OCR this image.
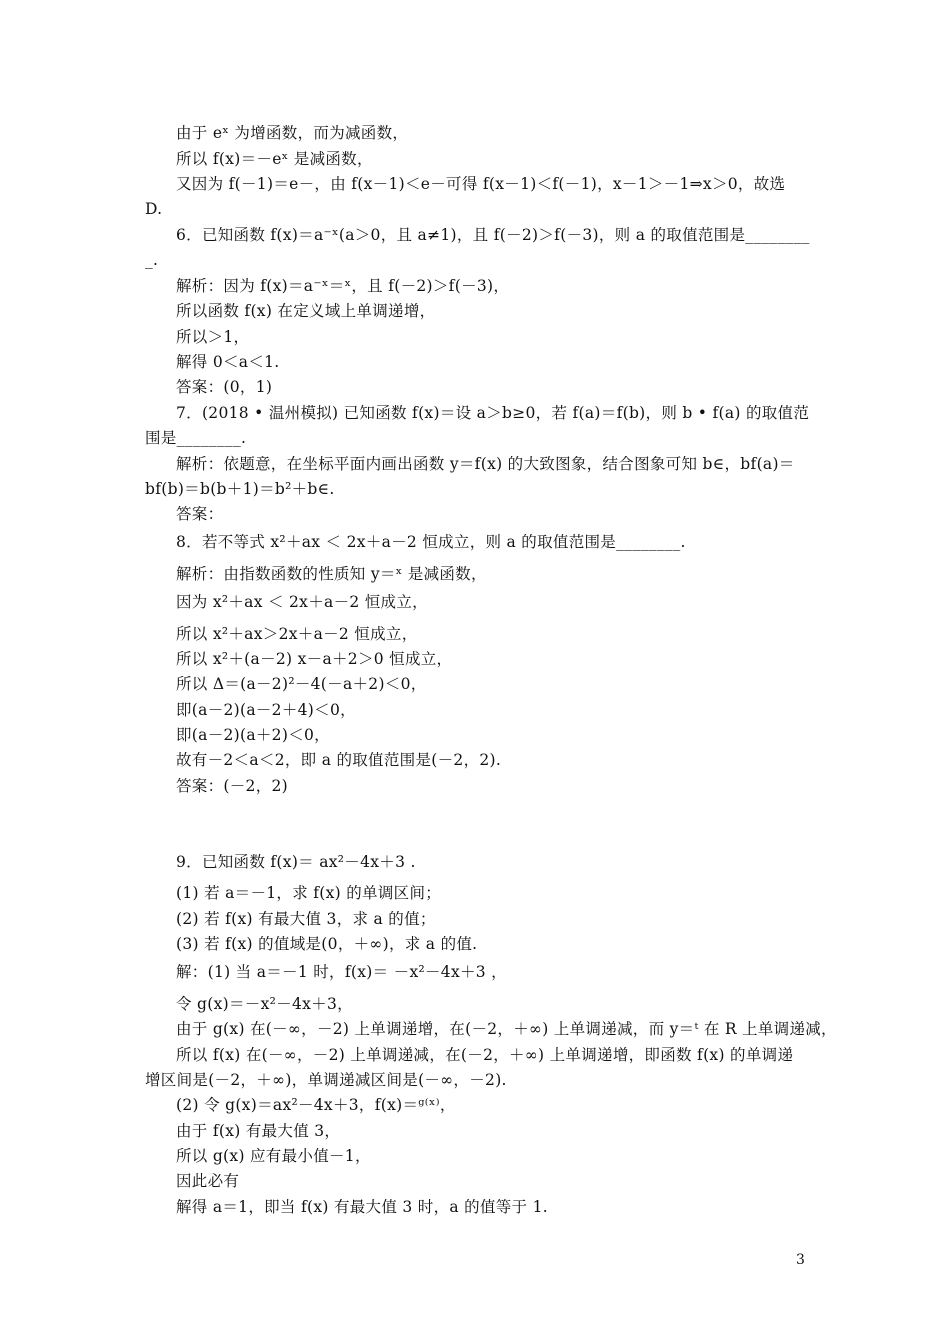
由于 eˣ 为增函数，而为减函数，
所以 f(x)＝－eˣ 是减函数，
又因为 f(－1)＝e－，由 f(x－1)＜e－可得 f(x－1)＜f(－1)，x－1＞－1⇒x＞0，故选
D.
6．已知函数 f(x)＝a⁻ˣ(a＞0，且 a≠1)，且 f(－2)＞f(－3)，则 a 的取值范围是________
_.
解析：因为 f(x)＝a⁻ˣ＝ˣ，且 f(－2)＞f(－3)，
所以函数 f(x) 在定义域上单调递增，
所以＞1，
解得 0＜a＜1.
答案：(0，1)
7．(2018 • 温州模拟) 已知函数 f(x)＝设 a＞b≥0，若 f(a)＝f(b)，则 b • f(a) 的取值范
围是________.
解析：依题意，在坐标平面内画出函数 y＝f(x) 的大致图象，结合图象可知 b∈，bf(a)＝
bf(b)＝b(b＋1)＝b²＋b∈.
答案：
8．若不等式 x²＋ax ＜ 2x＋a－2 恒成立，则 a 的取值范围是________.
解析：由指数函数的性质知 y＝ˣ 是减函数，
因为 x²＋ax ＜ 2x＋a－2 恒成立，
所以 x²＋ax＞2x＋a－2 恒成立，
所以 x²＋(a－2) x－a＋2＞0 恒成立，
所以 Δ＝(a－2)²－4(－a＋2)＜0，
即(a－2)(a－2＋4)＜0，
即(a－2)(a＋2)＜0，
故有－2＜a＜2，即 a 的取值范围是(－2，2).
答案：(－2，2)
9．已知函数 f(x)＝ ax²－4x＋3 .
(1) 若 a＝－1，求 f(x) 的单调区间；
(2) 若 f(x) 有最大值 3，求 a 的值；
(3) 若 f(x) 的值域是(0，＋∞)，求 a 的值.
解：(1) 当 a＝－1 时，f(x)＝ －x²－4x＋3 ，
令 g(x)＝－x²－4x＋3，
由于 g(x) 在(－∞，－2) 上单调递增，在(－2，＋∞) 上单调递减，而 y＝ᵗ 在 R 上单调递减，
所以 f(x) 在(－∞，－2) 上单调递减，在(－2，＋∞) 上单调递增，即函数 f(x) 的单调递
增区间是(－2，＋∞)，单调递减区间是(－∞，－2).
(2) 令 g(x)＝ax²－4x＋3，f(x)＝ᵍ⁽ˣ⁾，
由于 f(x) 有最大值 3，
所以 g(x) 应有最小值－1，
因此必有
解得 a＝1，即当 f(x) 有最大值 3 时，a 的值等于 1.
3
